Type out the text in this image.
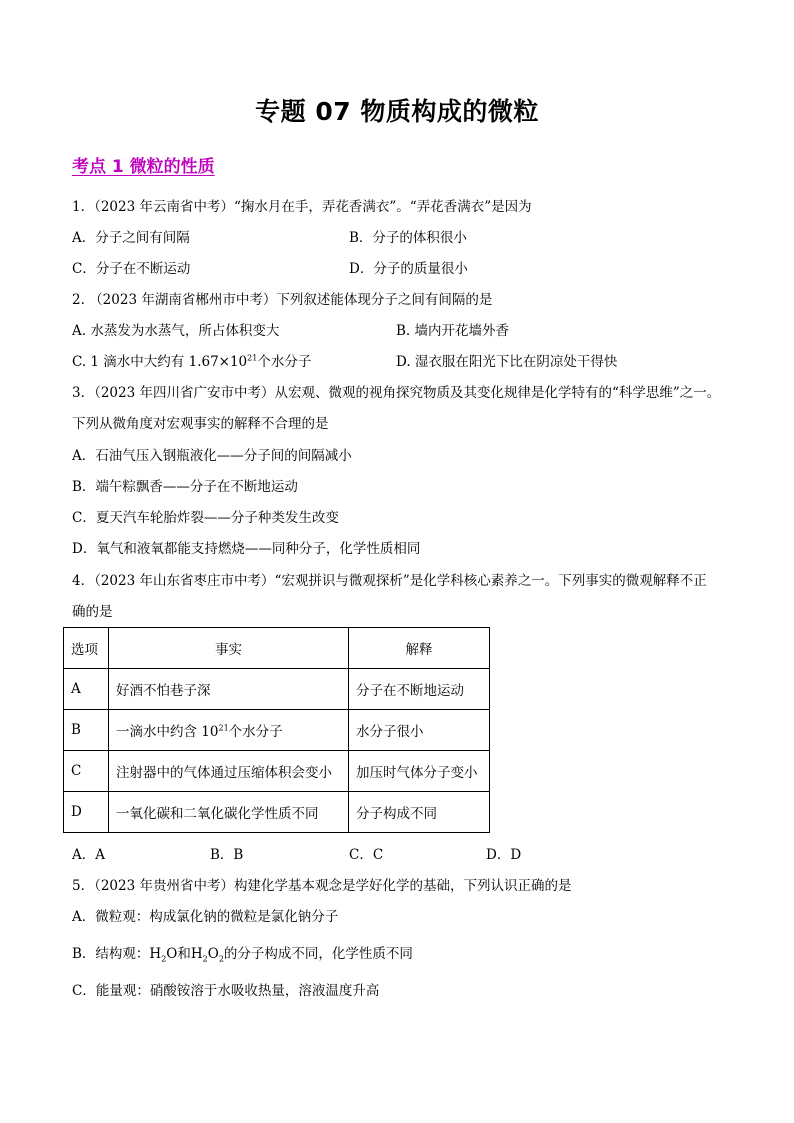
专题 07 物质构成的微粒
考点 1 微粒的性质
1．（2023 年云南省中考）“掬水月在手，弄花香满衣”。“弄花香满衣”是因为
A．分子之间有间隔	B．分子的体积很小
C．分子在不断运动	D．分子的质量很小
2. （2023 年湖南省郴州市中考）下列叙述能体现分子之间有间隔的是
A. 水蒸发为水蒸气，所占体积变大	B. 墙内开花墙外香
C. 1 滴水中大约有 $1.67\times 10^{21}$个水分子	D. 湿衣服在阳光下比在阴凉处干得快
3．（2023 年四川省广安市中考）从宏观、微观的视角探究物质及其变化规律是化学特有的“科学思维”之一。
下列从微角度对宏观事实的解释不合理的是
A．石油气压入钢瓶液化——分子间的间隔减小
B．端午粽飘香——分子在不断地运动
C．夏天汽车轮胎炸裂——分子种类发生改变
D．氧气和液氧都能支持燃烧——同种分子，化学性质相同
4．（2023 年山东省枣庄市中考）“宏观拼识与微观探析”是化学科核心素养之一。下列事实的微观解释不正
确的是
选项	事实	解释
A	好酒不怕巷子深	分子在不断地运动
B	一滴水中约含 $10^{21}$个水分子	水分子很小
C	注射器中的气体通过压缩体积会变小	加压时气体分子变小
D	一氧化碳和二氧化碳化学性质不同	分子构成不同
A．A	B．B	C．C	D．D
5．（2023 年贵州省中考）构建化学基本观念是学好化学的基础，下列认识正确的是
A．微粒观：构成氯化钠的微粒是氯化钠分子
B．结构观：$H_2O$和$H_2O_2$的分子构成不同，化学性质不同
C．能量观：硝酸铵溶于水吸收热量，溶液温度升高
